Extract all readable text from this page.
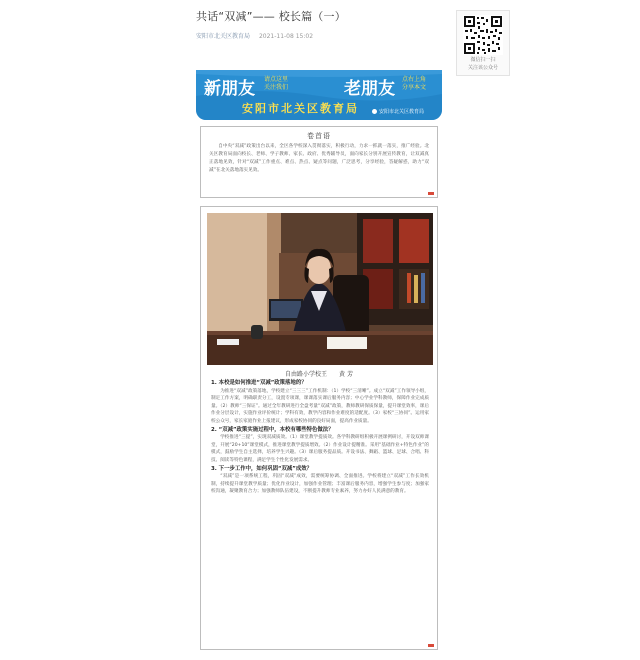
共话“双减”—— 校长篇（一）
安阳市北关区教育局 2021-11-08 15:02
微信扫一扫
关注该公众号
新朋友 请点这里
关注我们	老朋友 点右上角
分享本文
安阳市北关区教育局	安阳市北关区教育局
卷首语
自中央“双减”政策出台以来，全区各学校深入贯彻落实，积极行动，力求一抓就一落实，推广经验。北关区教育局面向校长、老师、学子教师、家长、政府、优秀辅导员，面向家长分别开展宣传教育，让双减真正落地见效，针对“双减”工作重点、难点、热点、疑点等问题，广泛思考，分享经验，答疑解惑，助力“双减”在北关落地落实见效。
自由路小学校王 黄 芳
1. 本校是如何推进“双减”政策落地的？
为推进“双减”政策落地，学校建立“三三三”工作机制：（1）学校“三清晰”。成立“双减”工作领导小组，制定工作方案，明确职责分工，设置专项课，课课落实课后服务内容；中心学业学科教师，保障作业完成质量。（2）教师“三保证”。通过全年教研进行全盘考量“双减”政策，教师教研保质保量，提升课堂效率，课后作业分层设计，实施作业评价统计；学科有效，教学内容和作业难度的适配度。（3）家校“三协同”。运用家校公众号，家长家庭作业上报建议，形成家校协同的良好局面，提高作业质量。
2. “双减”政策实施过程中，本校有哪些特色做法？
学校推进“三提”，实现双减质效。（1）课堂教学提质效。各学科教研组积极开展课例研讨，开设双师课堂，开展“20+10”课堂模式，推进课堂教学提质增效。（2）作业设计提精准。采用“基础作业+特色作业”的模式，鼓励学生自主选择，培养学生兴趣。（3）课后服务提品质。开设书法、舞蹈、篮球、足球、合唱、科技、阅读等特色课程，满足学生个性化发展需求。
3. 下一步工作中，如何巩固“双减”成效？
“双减”是一项系统工程，巩固“双减”成效，需要统筹协调、全面推进。学校将建立“双减”工作长效机制，持续提升课堂教学质量；优化作业设计，加强作业管理；丰富课后服务内容，增强学生参与度；加强家校沟通，凝聚教育合力；加强教师队伍建设，不断提升教师专业素养，努力办好人民满意的教育。
